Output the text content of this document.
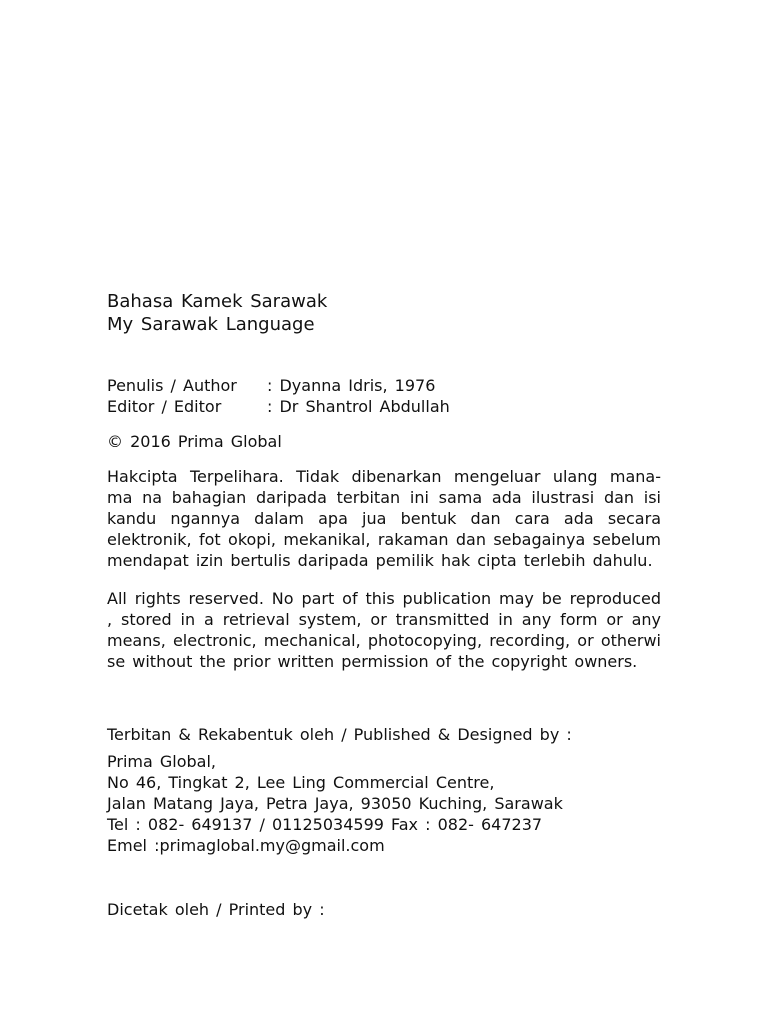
Bahasa Kamek Sarawak
My Sarawak Language
Penulis / Author	: Dyanna Idris, 1976
Editor / Editor	: Dr Shantrol Abdullah
© 2016 Prima Global
Hakcipta Terpelihara. Tidak dibenarkan mengeluar ulang mana- ma na bahagian daripada terbitan ini sama ada ilustrasi dan isi kandu ngannya dalam apa jua bentuk dan cara ada secara elektronik, fot okopi, mekanikal, rakaman dan sebagainya sebelum mendapat izin bertulis daripada pemilik hak cipta terlebih dahulu.
All rights reserved. No part of this publication may be reproduced , stored in a retrieval system, or transmitted in any form or any means, electronic, mechanical, photocopying, recording, or otherwi se without the prior written permission of the copyright owners.
Terbitan & Rekabentuk oleh / Published & Designed by :
Prima Global,
No 46, Tingkat 2, Lee Ling Commercial Centre,
Jalan Matang Jaya, Petra Jaya, 93050 Kuching, Sarawak
Tel : 082- 649137 / 01125034599 Fax : 082- 647237
Emel :primaglobal.my@gmail.com
Dicetak oleh / Printed by :
